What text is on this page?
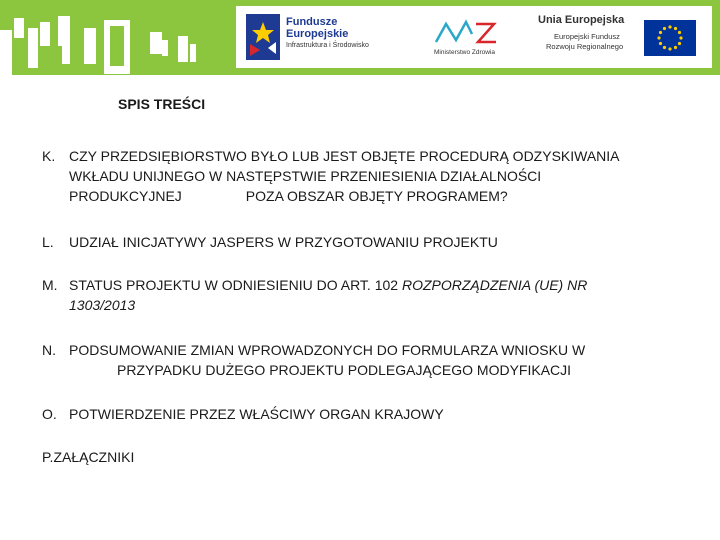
Fundusze
Europejskie
Infrastruktura i Środowisko
Ministerstwo Zdrowia
Unia Europejska
Europejski Fundusz
Rozwoju Regionalnego
SPIS TREŚCI
K. CZY PRZEDSIĘBIORSTWO BYŁO LUB JEST OBJĘTE PROCEDURĄ ODZYSKIWANIA
WKŁADU UNIJNEGO W NASTĘPSTWIE PRZENIESIENIA DZIAŁALNOŚCI
PRODUKCYJNEJ	POZA OBSZAR OBJĘTY PROGRAMEM?
L. UDZIAŁ INICJATYWY JASPERS W PRZYGOTOWANIU PROJEKTU
M. STATUS PROJEKTU W ODNIESIENIU DO ART. 102 ROZPORZĄDZENIA (UE) NR
1303/2013
N. PODSUMOWANIE ZMIAN WPROWADZONYCH DO FORMULARZA WNIOSKU W
PRZYPADKU DUŻEGO PROJEKTU PODLEGAJĄCEGO MODYFIKACJI
O. POTWIERDZENIE PRZEZ WŁAŚCIWY ORGAN KRAJOWY
P.ZAŁĄCZNIKI
